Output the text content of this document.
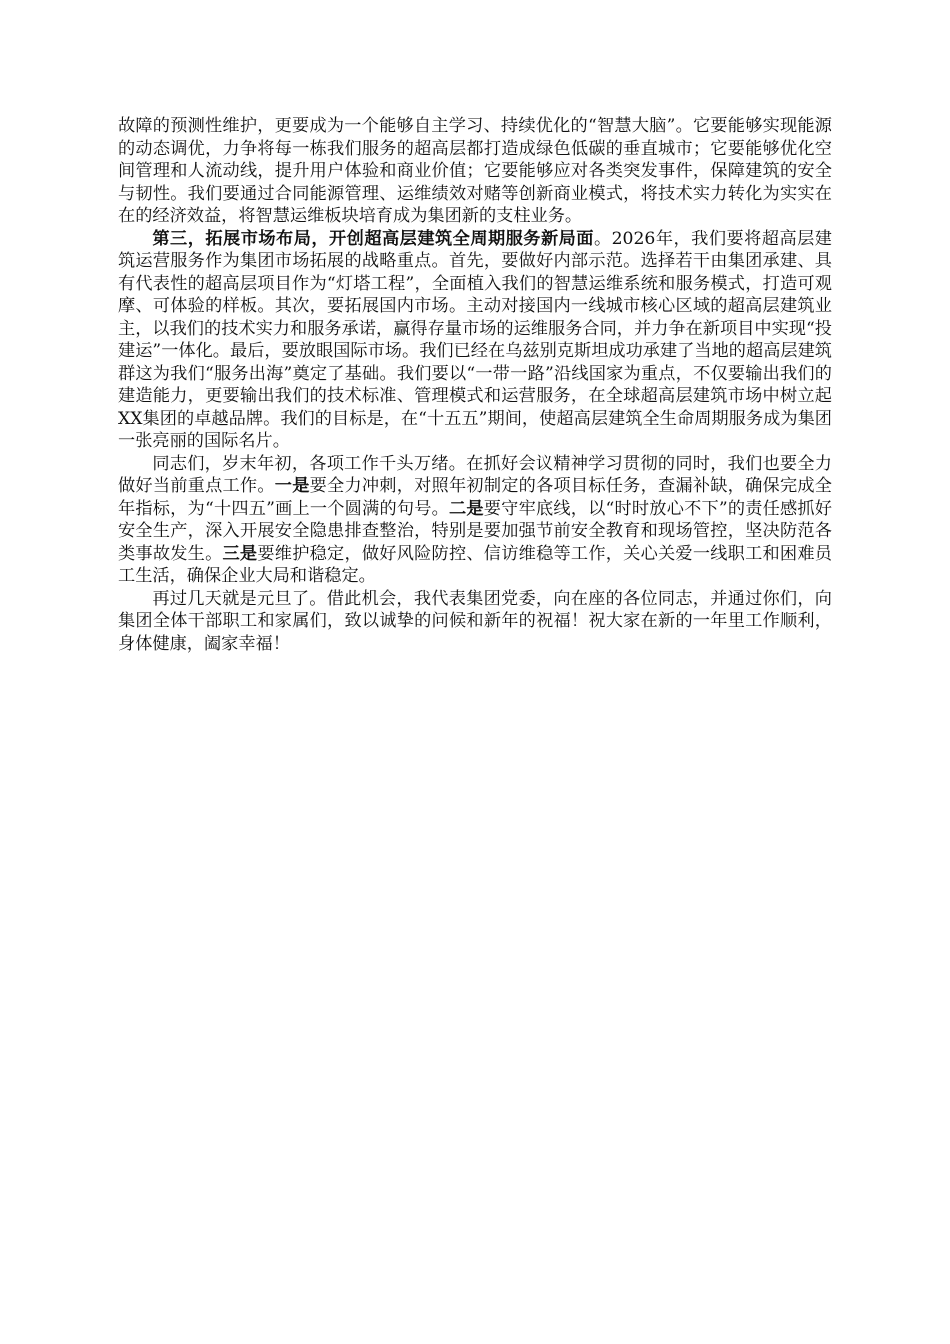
故障的预测性维护，更要成为一个能够自主学习、持续优化的“智慧大脑”。它要能够实现能源的动态调优，力争将每一栋我们服务的超高层都打造成绿色低碳的垂直城市；它要能够优化空间管理和人流动线，提升用户体验和商业价值；它要能够应对各类突发事件，保障建筑的安全与韧性。我们要通过合同能源管理、运维绩效对赌等创新商业模式，将技术实力转化为实实在在的经济效益，将智慧运维板块培育成为集团新的支柱业务。

第三，拓展市场布局，开创超高层建筑全周期服务新局面。2026年，我们要将超高层建筑运营服务作为集团市场拓展的战略重点。首先，要做好内部示范。选择若干由集团承建、具有代表性的超高层项目作为“灯塔工程”，全面植入我们的智慧运维系统和服务模式，打造可观摩、可体验的样板。其次，要拓展国内市场。主动对接国内一线城市核心区域的超高层建筑业主，以我们的技术实力和服务承诺，赢得存量市场的运维服务合同，并力争在新项目中实现“投建运”一体化。最后，要放眼国际市场。我们已经在乌兹别克斯坦成功承建了当地的超高层建筑群这为我们“服务出海”奠定了基础。我们要以“一带一路”沿线国家为重点，不仅要输出我们的建造能力，更要输出我们的技术标准、管理模式和运营服务，在全球超高层建筑市场中树立起XX集团的卓越品牌。我们的目标是，在“十五五”期间，使超高层建筑全生命周期服务成为集团一张亮丽的国际名片。

同志们，岁末年初，各项工作千头万绪。在抓好会议精神学习贯彻的同时，我们也要全力做好当前重点工作。一是要全力冲刺，对照年初制定的各项目标任务，查漏补缺，确保完成全年指标，为“十四五”画上一个圆满的句号。二是要守牢底线，以“时时放心不下”的责任感抓好安全生产，深入开展安全隐患排查整治，特别是要加强节前安全教育和现场管控，坚决防范各类事故发生。三是要维护稳定，做好风险防控、信访维稳等工作，关心关爱一线职工和困难员工生活，确保企业大局和谐稳定。

再过几天就是元旦了。借此机会，我代表集团党委，向在座的各位同志，并通过你们，向集团全体干部职工和家属们，致以诚挚的问候和新年的祝福！祝大家在新的一年里工作顺利，身体健康，阖家幸福！
